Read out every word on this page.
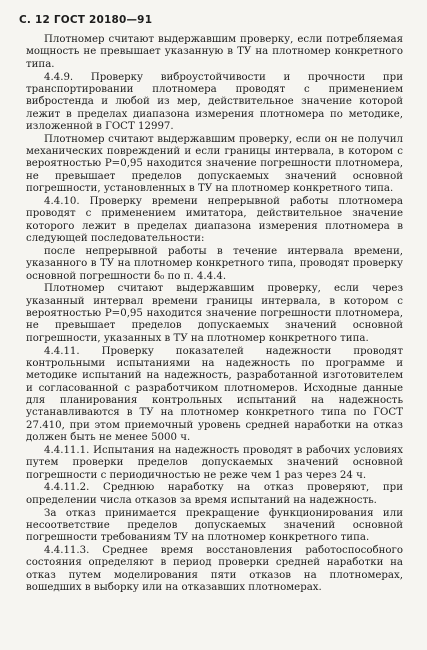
С. 12 ГОСТ 20180—91

Плотномер считают выдержавшим проверку, если потребляемая мощность не превышает указанную в ТУ на плотномер конкретного типа.

4.4.9. Проверку виброустойчивости и прочности при транспортировании плотномера проводят с применением вибростенда и любой из мер, действительное значение которой лежит в пределах диапазона измерения плотномера по методике, изложенной в ГОСТ 12997.

Плотномер считают выдержавшим проверку, если он не получил механических повреждений и если границы интервала, в котором с вероятностью P=0,95 находится значение погрешности плотномера, не превышает пределов допускаемых значений основной погрешности, установленных в ТУ на плотномер конкретного типа.

4.4.10. Проверку времени непрерывной работы плотномера проводят с применением имитатора, действительное значение которого лежит в пределах диапазона измерения плотномера в следующей последовательности:

после непрерывной работы в течение интервала времени, указанного в ТУ на плотномер конкретного типа, проводят проверку основной погрешности δ₀ по п. 4.4.4.

Плотномер считают выдержавшим проверку, если через указанный интервал времени границы интервала, в котором с вероятностью P=0,95 находится значение погрешности плотномера, не превышает пределов допускаемых значений основной погрешности, указанных в ТУ на плотномер конкретного типа.

4.4.11. Проверку показателей надежности проводят контрольными испытаниями на надежность по программе и методике испытаний на надежность, разработанной изготовителем и согласованной с разработчиком плотномеров. Исходные данные для планирования контрольных испытаний на надежность устанавливаются в ТУ на плотномер конкретного типа по ГОСТ 27.410, при этом приемочный уровень средней наработки на отказ должен быть не менее 5000 ч.

4.4.11.1. Испытания на надежность проводят в рабочих условиях путем проверки пределов допускаемых значений основной погрешности с периодичностью не реже чем 1 раз через 24 ч.

4.4.11.2. Среднюю наработку на отказ проверяют, при определении числа отказов за время испытаний на надежность.

За отказ принимается прекращение функционирования или несоответствие пределов допускаемых значений основной погрешности требованиям ТУ на плотномер конкретного типа.

4.4.11.3. Среднее время восстановления работоспособного состояния определяют в период проверки средней наработки на отказ путем моделирования пяти отказов на плотномерах, вошедших в выборку или на отказавших плотномерах.
